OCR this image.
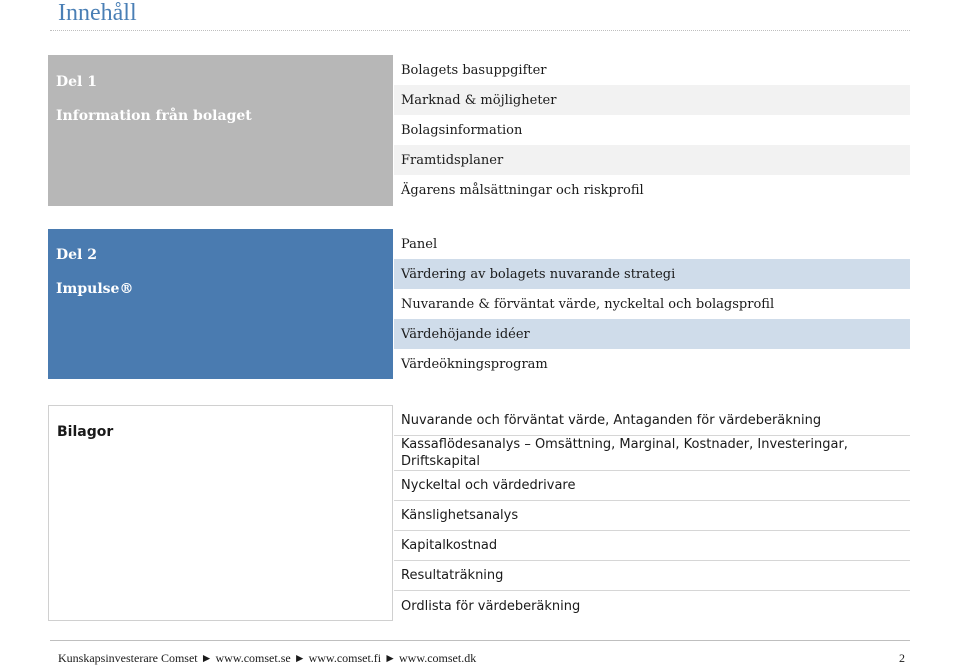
Innehåll
Del 1
Information från bolaget
Bolagets basuppgifter
Marknad & möjligheter
Bolagsinformation
Framtidsplaner
Ägarens målsättningar och riskprofil
Del 2
Impulse®
Panel
Värdering av bolagets nuvarande strategi
Nuvarande & förväntat värde, nyckeltal och bolagsprofil
Värdehöjande idéer
Värdeökningsprogram
Bilagor
Nuvarande och förväntat värde, Antaganden för värdeberäkning
Kassaflödesanalys – Omsättning, Marginal, Kostnader, Investeringar, Driftskapital
Nyckeltal och värdedrivare
Känslighetsanalys
Kapitalkostnad
Resultaträkning
Ordlista för värdeberäkning
Kunskapsinvesterare Comset ► www.comset.se ► www.comset.fi ► www.comset.dk	2
